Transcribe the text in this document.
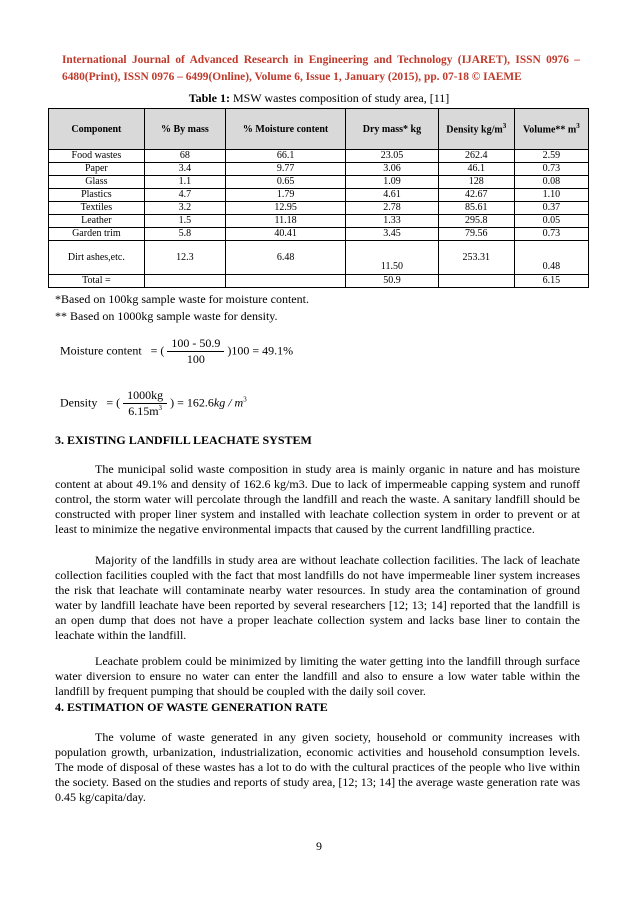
International Journal of Advanced Research in Engineering and Technology (IJARET), ISSN 0976 – 6480(Print), ISSN 0976 – 6499(Online), Volume 6, Issue 1, January (2015), pp. 07-18 © IAEME
Table 1: MSW wastes composition of study area, [11]
Component	% By mass	% Moisture content	Dry mass* kg	Density $kg/m^3$	Volume** $m^3$
Food wastes	68	66.1	23.05	262.4	2.59
Paper	3.4	9.77	3.06	46.1	0.73
Glass	1.1	0.65	1.09	128	0.08
Plastics	4.7	1.79	4.61	42.67	1.10
Textiles	3.2	12.95	2.78	85.61	0.37
Leather	1.5	11.18	1.33	295.8	0.05
Garden trim	5.8	40.41	3.45	79.56	0.73
Dirt ashes,etc.	12.3	6.48	11.50	253.31	0.48
Total =			50.9		6.15
*Based on 100kg sample waste for moisture content.
** Based on 1000kg sample waste for density.
Moisture content   = ( $\frac{100 - 50.9}{100} )100 = 49.1\%$
Density   = ( $\frac{1000kg}{6.15m^3}$ ) = $162.6kg / m^3$
3. EXISTING LANDFILL LEACHATE SYSTEM

The municipal solid waste composition in study area is mainly organic in nature and has moisture content at about 49.1% and density of 162.6 kg/m3. Due to lack of impermeable capping system and runoff control, the storm water will percolate through the landfill and reach the waste. A sanitary landfill should be constructed with proper liner system and installed with leachate collection system in order to prevent or at least to minimize the negative environmental impacts that caused by the current landfilling practice.

Majority of the landfills in study area are without leachate collection facilities. The lack of leachate collection facilities coupled with the fact that most landfills do not have impermeable liner system increases the risk that leachate will contaminate nearby water resources. In study area the contamination of ground water by landfill leachate have been reported by several researchers [12; 13; 14] reported that the landfill is an open dump that does not have a proper leachate collection system and lacks base liner to contain the leachate within the landfill.

Leachate problem could be minimized by limiting the water getting into the landfill through surface water diversion to ensure no water can enter the landfill and also to ensure a low water table within the landfill by frequent pumping that should be coupled with the daily soil cover.

4. ESTIMATION OF WASTE GENERATION RATE

The volume of waste generated in any given society, household or community increases with population growth, urbanization, industrialization, economic activities and household consumption levels. The mode of disposal of these wastes has a lot to do with the cultural practices of the people who live within the society. Based on the studies and reports of study area, [12; 13; 14] the average waste generation rate was 0.45 kg/capita/day.

9
